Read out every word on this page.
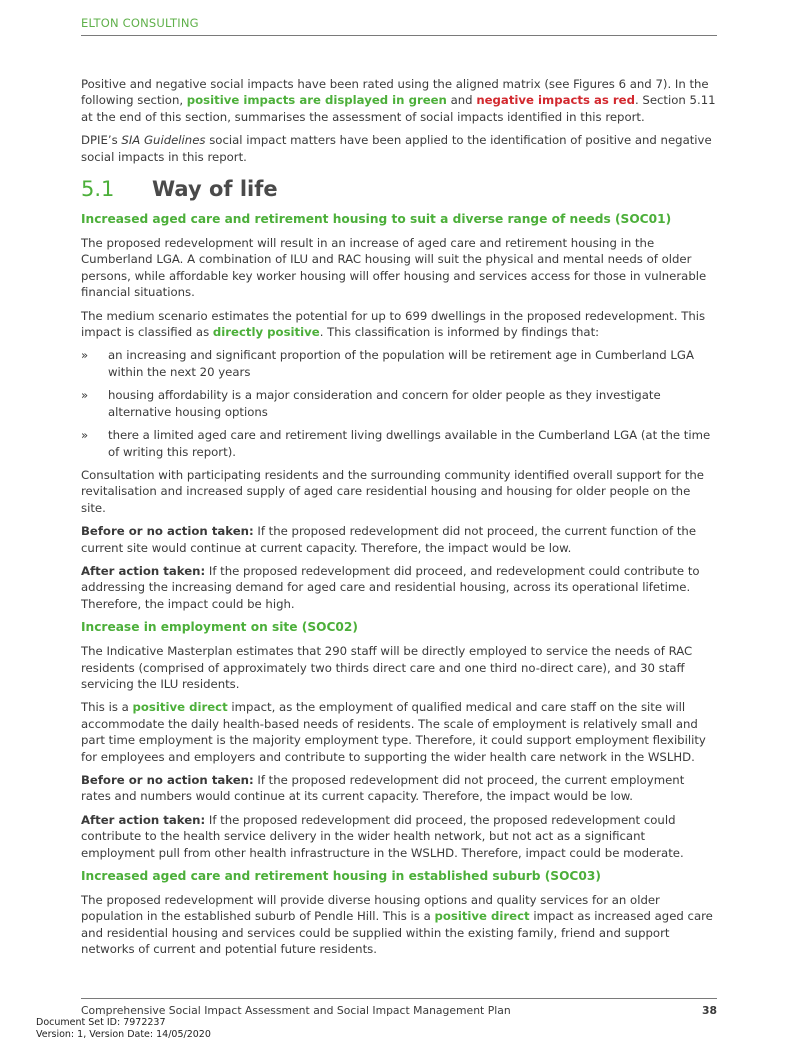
ELTON CONSULTING

Positive and negative social impacts have been rated using the aligned matrix (see Figures 6 and 7). In the following section, positive impacts are displayed in green and negative impacts as red. Section 5.11 at the end of this section, summarises the assessment of social impacts identified in this report.

DPIE’s SIA Guidelines social impact matters have been applied to the identification of positive and negative social impacts in this report.

5.1	Way of life
Increased aged care and retirement housing to suit a diverse range of needs (SOC01)

The proposed redevelopment will result in an increase of aged care and retirement housing in the Cumberland LGA. A combination of ILU and RAC housing will suit the physical and mental needs of older persons, while affordable key worker housing will offer housing and services access for those in vulnerable financial situations.

The medium scenario estimates the potential for up to 699 dwellings in the proposed redevelopment. This impact is classified as directly positive. This classification is informed by findings that:

» an increasing and significant proportion of the population will be retirement age in Cumberland LGA within the next 20 years
» housing affordability is a major consideration and concern for older people as they investigate alternative housing options
» there a limited aged care and retirement living dwellings available in the Cumberland LGA (at the time of writing this report).

Consultation with participating residents and the surrounding community identified overall support for the revitalisation and increased supply of aged care residential housing and housing for older people on the site.

Before or no action taken: If the proposed redevelopment did not proceed, the current function of the current site would continue at current capacity. Therefore, the impact would be low.

After action taken: If the proposed redevelopment did proceed, and redevelopment could contribute to addressing the increasing demand for aged care and residential housing, across its operational lifetime. Therefore, the impact could be high.

Increase in employment on site (SOC02)

The Indicative Masterplan estimates that 290 staff will be directly employed to service the needs of RAC residents (comprised of approximately two thirds direct care and one third no-direct care), and 30 staff servicing the ILU residents.

This is a positive direct impact, as the employment of qualified medical and care staff on the site will accommodate the daily health-based needs of residents. The scale of employment is relatively small and part time employment is the majority employment type. Therefore, it could support employment flexibility for employees and employers and contribute to supporting the wider health care network in the WSLHD.

Before or no action taken: If the proposed redevelopment did not proceed, the current employment rates and numbers would continue at its current capacity. Therefore, the impact would be low.

After action taken: If the proposed redevelopment did proceed, the proposed redevelopment could contribute to the health service delivery in the wider health network, but not act as a significant employment pull from other health infrastructure in the WSLHD. Therefore, impact could be moderate.

Increased aged care and retirement housing in established suburb (SOC03)

The proposed redevelopment will provide diverse housing options and quality services for an older population in the established suburb of Pendle Hill. This is a positive direct impact as increased aged care and residential housing and services could be supplied within the existing family, friend and support networks of current and potential future residents.

Comprehensive Social Impact Assessment and Social Impact Management Plan	38
Document Set ID: 7972237
Version: 1, Version Date: 14/05/2020
